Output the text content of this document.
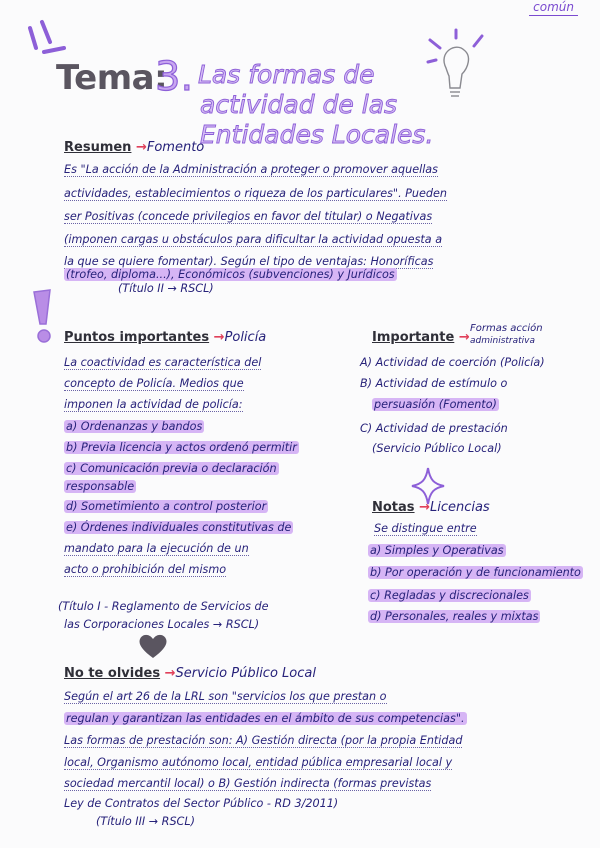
común
Tema:
3. Las formas de
actividad de las
Entidades Locales.
Resumen →Fomento
Es "La acción de la Administración a proteger o promover aquellas
actividades, establecimientos o riqueza de los particulares". Pueden
ser Positivas (concede privilegios en favor del titular) o Negativas
(imponen cargas u obstáculos para dificultar la actividad opuesta a
la que se quiere fomentar). Según el tipo de ventajas: Honoríficas
(trofeo, diploma...), Económicos (subvenciones) y Jurídicos
(Título II → RSCL)
Puntos importantes →Policía
La coactividad es característica del
concepto de Policía. Medios que
imponen la actividad de policía:
a) Ordenanzas y bandos
b) Previa licencia y actos ordenó permitir
c) Comunicación previa o declaración
responsable
d) Sometimiento a control posterior
e) Órdenes individuales constitutivas de
mandato para la ejecución de un
acto o prohibición del mismo
(Título I - Reglamento de Servicios de
las Corporaciones Locales → RSCL)
Importante →
Formas acción
administrativa
A) Actividad de coerción (Policía)
B) Actividad de estímulo o
persuasión (Fomento)
C) Actividad de prestación
(Servicio Público Local)
Notas →Licencias
Se distingue entre
a) Simples y Operativas
b) Por operación y de funcionamiento
c) Regladas y discrecionales
d) Personales, reales y mixtas
No te olvides →Servicio Público Local
Según el art 26 de la LRL son "servicios los que prestan o
regulan y garantizan las entidades en el ámbito de sus competencias".
Las formas de prestación son: A) Gestión directa (por la propia Entidad
local, Organismo autónomo local, entidad pública empresarial local y
sociedad mercantil local) o B) Gestión indirecta (formas previstas
Ley de Contratos del Sector Público - RD 3/2011)
(Título III → RSCL)
